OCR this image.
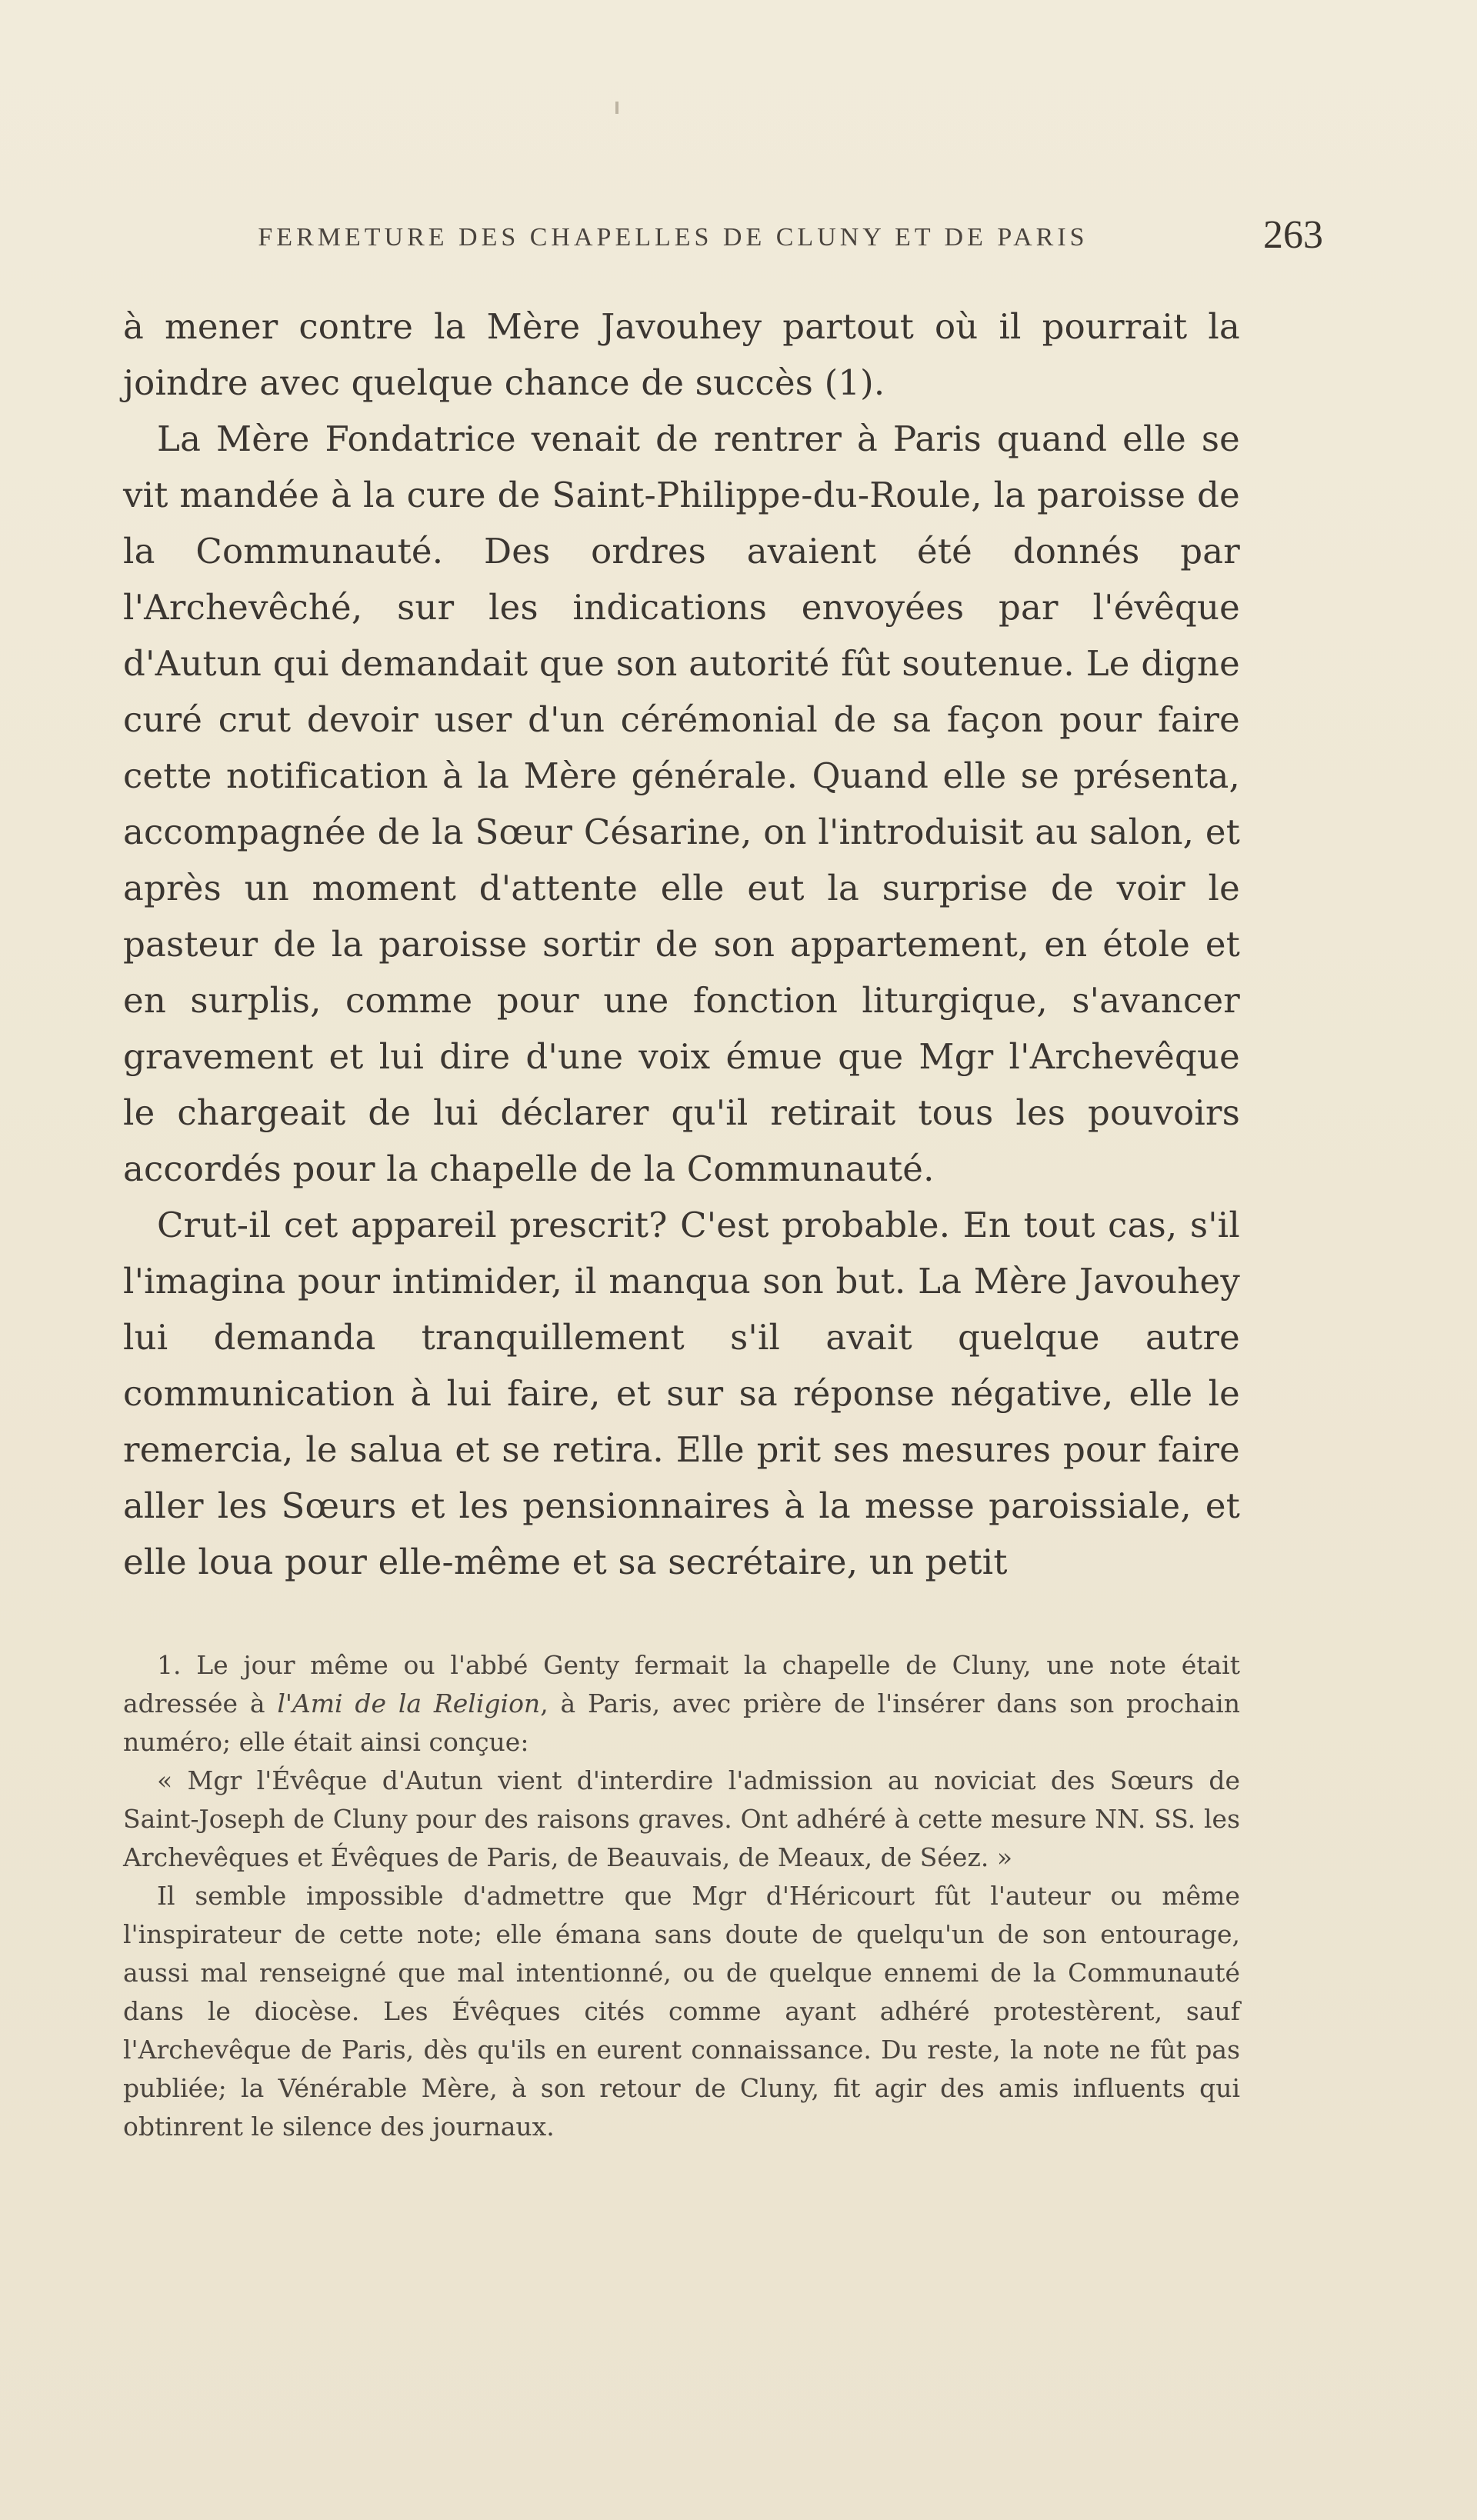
FERMETURE DES CHAPELLES DE CLUNY ET DE PARIS	263

à mener contre la Mère Javouhey partout où il pourrait la joindre avec quelque chance de succès (1).

La Mère Fondatrice venait de rentrer à Paris quand elle se vit mandée à la cure de Saint-Philippe-du-Roule, la paroisse de la Communauté. Des ordres avaient été donnés par l'Archevêché, sur les indications envoyées par l'évêque d'Autun qui demandait que son autorité fût soutenue. Le digne curé crut devoir user d'un cérémonial de sa façon pour faire cette notification à la Mère générale. Quand elle se présenta, accompagnée de la Sœur Césarine, on l'introduisit au salon, et après un moment d'attente elle eut la surprise de voir le pasteur de la paroisse sortir de son appartement, en étole et en surplis, comme pour une fonction liturgique, s'avancer gravement et lui dire d'une voix émue que Mgr l'Archevêque le chargeait de lui déclarer qu'il retirait tous les pouvoirs accordés pour la chapelle de la Communauté.

Crut-il cet appareil prescrit? C'est probable. En tout cas, s'il l'imagina pour intimider, il manqua son but. La Mère Javouhey lui demanda tranquillement s'il avait quelque autre communication à lui faire, et sur sa réponse négative, elle le remercia, le salua et se retira. Elle prit ses mesures pour faire aller les Sœurs et les pensionnaires à la messe paroissiale, et elle loua pour elle-même et sa secrétaire, un petit

1. Le jour même ou l'abbé Genty fermait la chapelle de Cluny, une note était adressée à l'Ami de la Religion, à Paris, avec prière de l'insérer dans son prochain numéro; elle était ainsi conçue:

« Mgr l'Évêque d'Autun vient d'interdire l'admission au noviciat des Sœurs de Saint-Joseph de Cluny pour des raisons graves. Ont adhéré à cette mesure NN. SS. les Archevêques et Évêques de Paris, de Beauvais, de Meaux, de Séez. »

Il semble impossible d'admettre que Mgr d'Héricourt fût l'auteur ou même l'inspirateur de cette note; elle émana sans doute de quelqu'un de son entourage, aussi mal renseigné que mal intentionné, ou de quelque ennemi de la Communauté dans le diocèse. Les Évêques cités comme ayant adhéré protestèrent, sauf l'Archevêque de Paris, dès qu'ils en eurent connaissance. Du reste, la note ne fût pas publiée; la Vénérable Mère, à son retour de Cluny, fit agir des amis influents qui obtinrent le silence des journaux.
